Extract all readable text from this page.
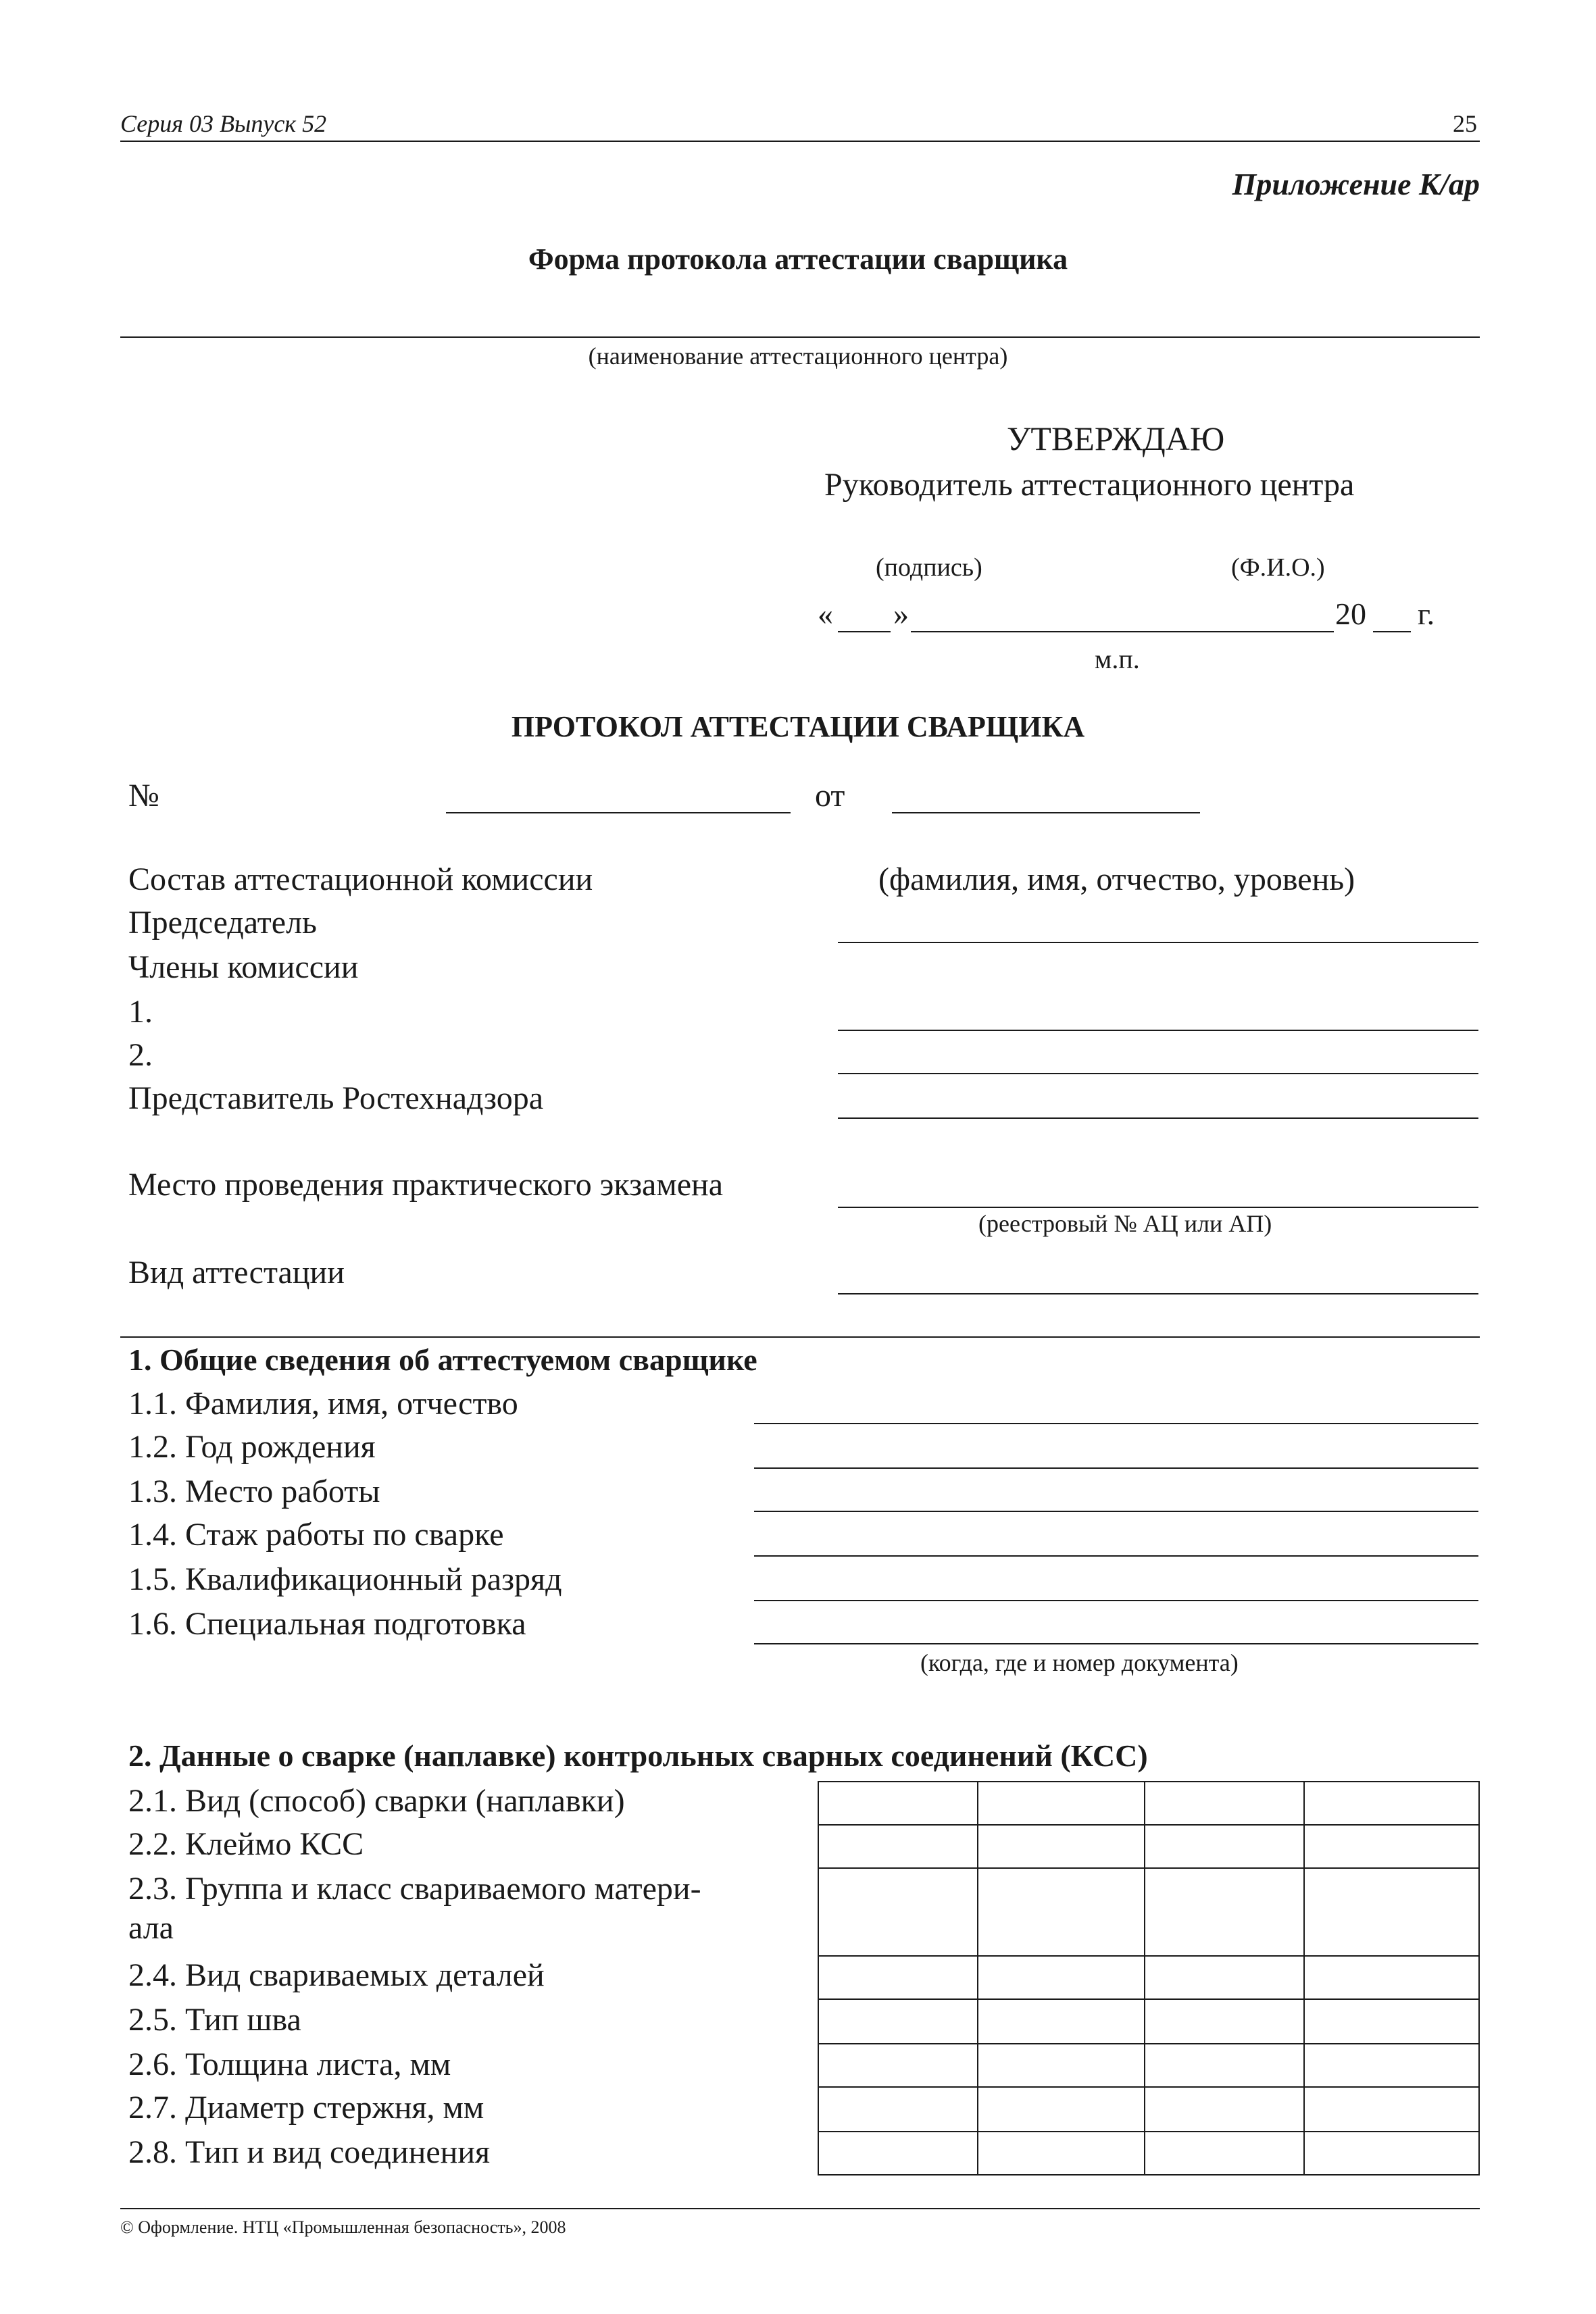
Серия 03 Выпуск 52	25
Приложение К/ар
Форма протокола аттестации сварщика
(наименование аттестационного центра)
УТВЕРЖДАЮ
Руководитель аттестационного центра
(подпись)	(Ф.И.О.)
« »	20 г.
м.п.
ПРОТОКОЛ АТТЕСТАЦИИ СВАРЩИКА
№	от
Состав аттестационной комиссии	(фамилия, имя, отчество, уровень)
Председатель
Члены комиссии
1.
2.
Представитель Ростехнадзора
Место проведения практического экзамена
(реестровый № АЦ или АП)
Вид аттестации
1. Общие сведения об аттестуемом сварщике
1.1. Фамилия, имя, отчество
1.2. Год рождения
1.3. Место работы
1.4. Стаж работы по сварке
1.5. Квалификационный разряд
1.6. Специальная подготовка
(когда, где и номер документа)
2. Данные о сварке (наплавке) контрольных сварных соединений (КСС)
2.1. Вид (способ) сварки (наплавки)
2.2. Клеймо КСС
2.3. Группа и класс свариваемого матери-
ала
2.4. Вид свариваемых деталей
2.5. Тип шва
2.6. Толщина листа, мм
2.7. Диаметр стержня, мм
2.8. Тип и вид соединения

© Оформление. НТЦ «Промышленная безопасность», 2008
